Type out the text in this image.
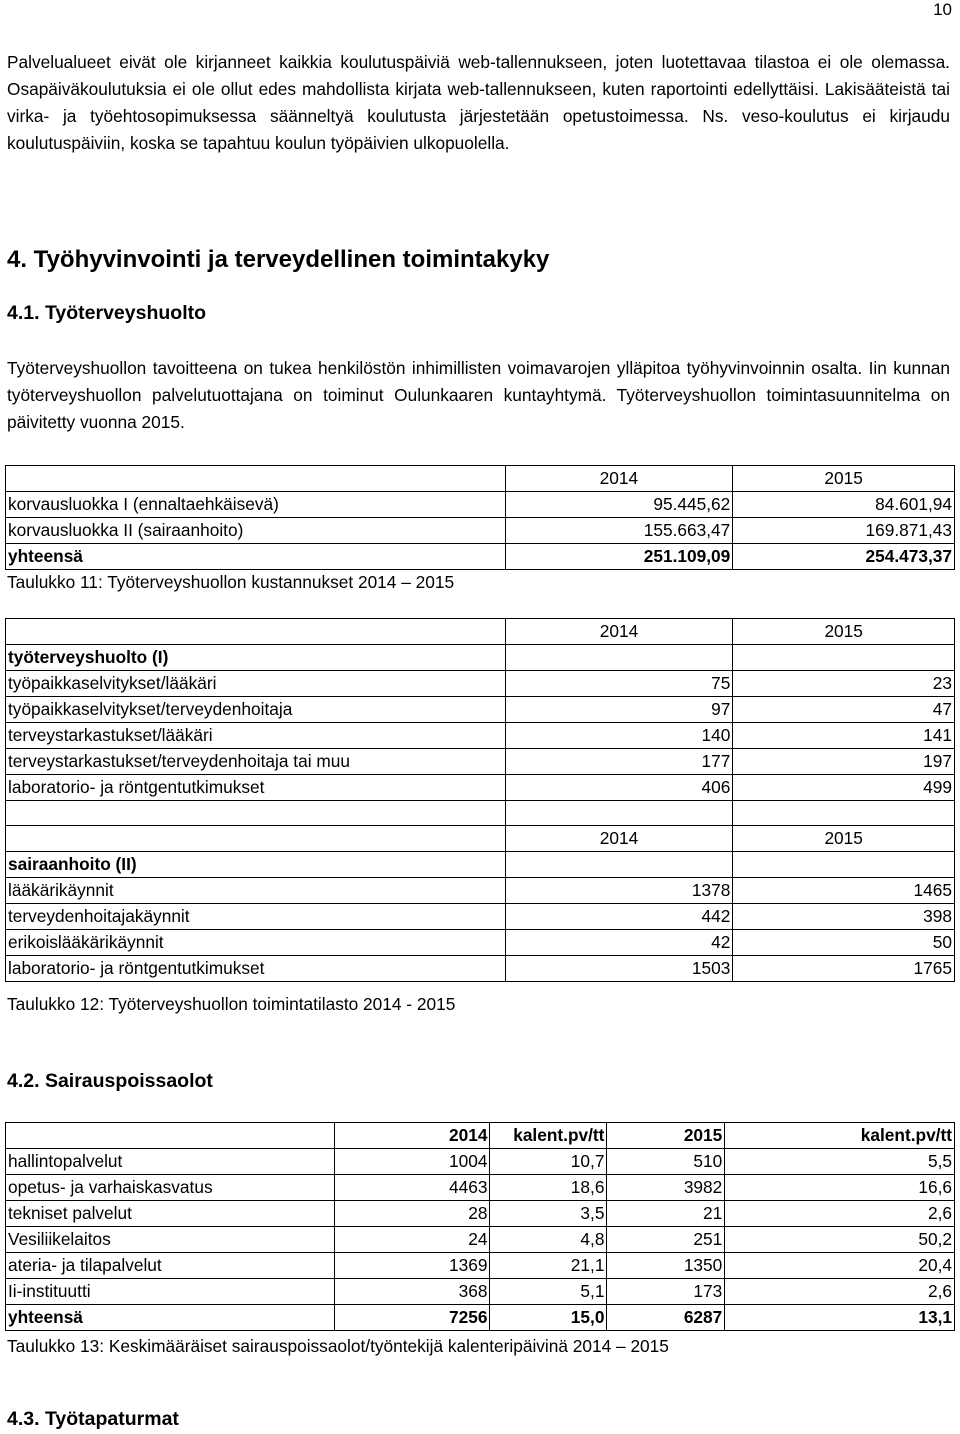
10

Palvelualueet eivät ole kirjanneet kaikkia koulutuspäiviä web-tallennukseen, joten luotettavaa tilastoa ei ole olemassa. Osapäiväkoulutuksia ei ole ollut edes mahdollista kirjata web-tallennukseen, kuten raportointi edellyttäisi. Lakisääteistä tai virka- ja työehtosopimuksessa säänneltyä koulutusta järjestetään opetustoimessa. Ns. veso-koulutus ei kirjaudu koulutuspäiviin, koska se tapahtuu koulun työpäivien ulkopuolella.

4. Työhyvinvointi ja terveydellinen toimintakyky
4.1. Työterveyshuolto

Työterveyshuollon tavoitteena on tukea henkilöstön inhimillisten voimavarojen ylläpitoa työhyvinvoinnin osalta. Iin kunnan työterveyshuollon palvelutuottajana on toiminut Oulunkaaren kuntayhtymä. Työterveyshuollon toimintasuunnitelma on päivitetty vuonna 2015.

	2014	2015
korvausluokka I (ennaltaehkäisevä)	95.445,62	84.601,94
korvausluokka II (sairaanhoito)	155.663,47	169.871,43
yhteensä	251.109,09	254.473,37

Taulukko 11: Työterveyshuollon kustannukset 2014 – 2015

	2014	2015
työterveyshuolto (I)		
työpaikkaselvitykset/lääkäri	75	23
työpaikkaselvitykset/terveydenhoitaja	97	47
terveystarkastukset/lääkäri	140	141
terveystarkastukset/terveydenhoitaja tai muu	177	197
laboratorio- ja röntgentutkimukset	406	499

	2014	2015
sairaanhoito (II)		
lääkärikäynnit	1378	1465
terveydenhoitajakäynnit	442	398
erikoislääkärikäynnit	42	50
laboratorio- ja röntgentutkimukset	1503	1765

Taulukko 12: Työterveyshuollon toimintatilasto 2014 - 2015

4.2. Sairauspoissaolot
	2014	kalent.pv/tt	2015	kalent.pv/tt
hallintopalvelut	1004	10,7	510	5,5
opetus- ja varhaiskasvatus	4463	18,6	3982	16,6
tekniset palvelut	28	3,5	21	2,6
Vesiliikelaitos	24	4,8	251	50,2
ateria- ja tilapalvelut	1369	21,1	1350	20,4
Ii-instituutti	368	5,1	173	2,6
yhteensä	7256	15,0	6287	13,1

Taulukko 13: Keskimääräiset sairauspoissaolot/työntekijä kalenteripäivinä 2014 – 2015

4.3. Työtapaturmat
